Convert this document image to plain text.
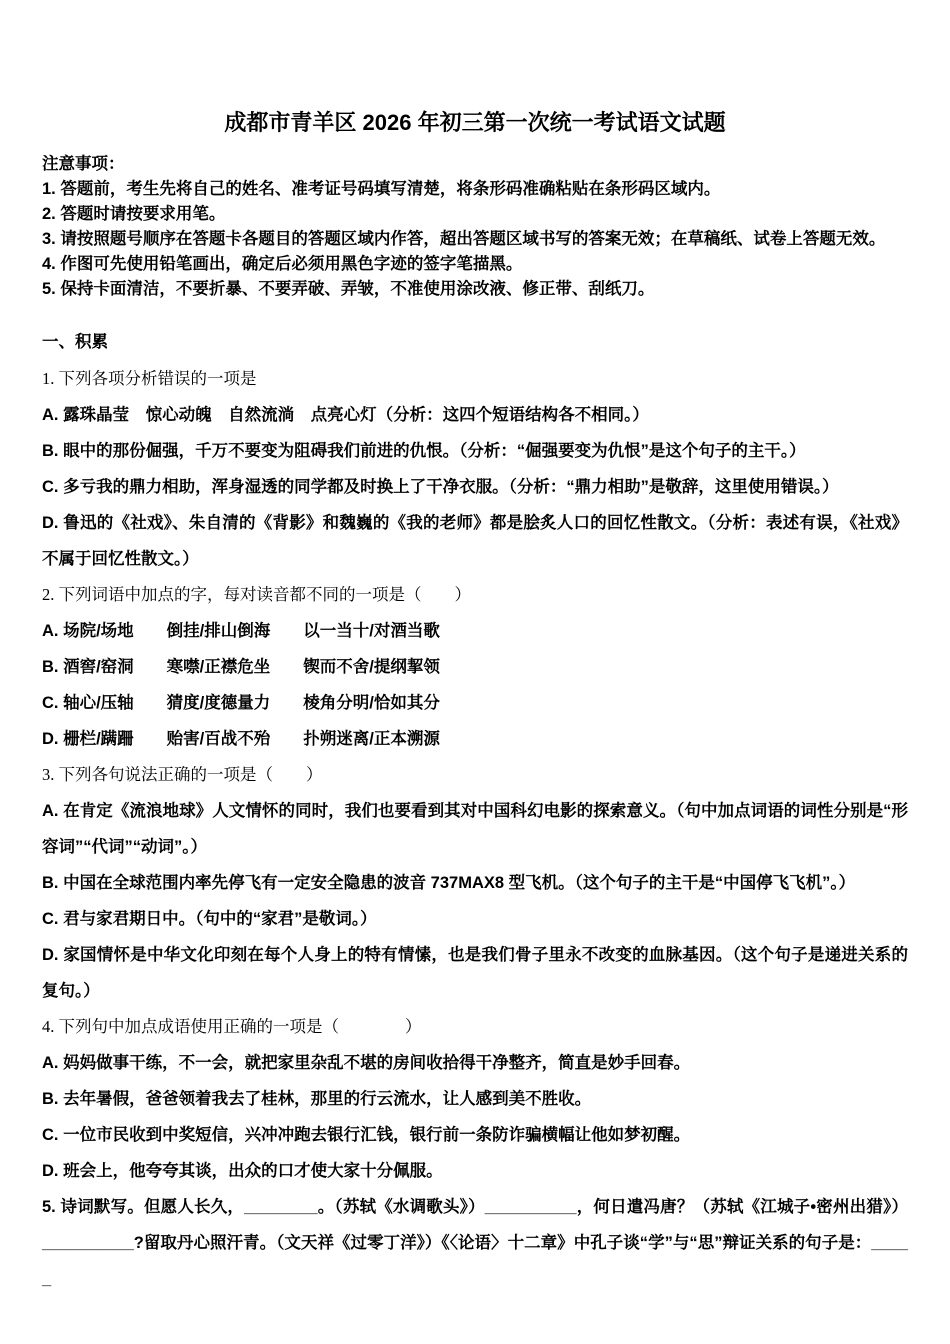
成都市青羊区 2026 年初三第一次统一考试语文试题

注意事项：

1. 答题前，考生先将自己的姓名、准考证号码填写清楚，将条形码准确粘贴在条形码区域内。

2. 答题时请按要求用笔。

3. 请按照题号顺序在答题卡各题目的答题区域内作答，超出答题区域书写的答案无效；在草稿纸、试卷上答题无效。

4. 作图可先使用铅笔画出，确定后必须用黑色字迹的签字笔描黑。

5. 保持卡面清洁，不要折暴、不要弄破、弄皱，不准使用涂改液、修正带、刮纸刀。

一、积累

1. 下列各项分析错误的一项是

A. 露珠晶莹　惊心动魄　自然流淌　点亮心灯（分析：这四个短语结构各不相同。）

B. 眼中的那份倔强，千万不要变为阻碍我们前进的仇恨。（分析：“倔强要变为仇恨”是这个句子的主干。）

C. 多亏我的鼎力相助，浑身湿透的同学都及时换上了干净衣服。（分析：“鼎力相助”是敬辞，这里使用错误。）

D. 鲁迅的《社戏》、朱自清的《背影》和魏巍的《我的老师》都是脍炙人口的回忆性散文。（分析：表述有误，《社戏》不属于回忆性散文。）

2. 下列词语中加点的字，每对读音都不同的一项是（　　）

A. 场院/场地　　倒挂/排山倒海　　以一当十/对酒当歌

B. 酒窖/窑洞　　寒噤/正襟危坐　　锲而不舍/提纲挈领

C. 轴心/压轴　　猜度/度德量力　　棱角分明/恰如其分

D. 栅栏/蹒跚　　贻害/百战不殆　　扑朔迷离/正本溯源

3. 下列各句说法正确的一项是（　　）

A. 在肯定《流浪地球》人文情怀的同时，我们也要看到其对中国科幻电影的探索意义。（句中加点词语的词性分别是“形容词”“代词”“动词”。）

B. 中国在全球范围内率先停飞有一定安全隐患的波音 737MAX8 型飞机。（这个句子的主干是“中国停飞飞机”。）

C. 君与家君期日中。（句中的“家君”是敬词。）

D. 家国情怀是中华文化印刻在每个人身上的特有情愫，也是我们骨子里永不改变的血脉基因。（这个句子是递进关系的复句。）

4. 下列句中加点成语使用正确的一项是（　　　　）

A. 妈妈做事干练，不一会，就把家里杂乱不堪的房间收拾得干净整齐，简直是妙手回春。

B. 去年暑假，爸爸领着我去了桂林，那里的行云流水，让人感到美不胜收。

C. 一位市民收到中奖短信，兴冲冲跑去银行汇钱，银行前一条防诈骗横幅让他如梦初醒。

D. 班会上，他夸夸其谈，出众的口才使大家十分佩服。

5. 诗词默写。但愿人长久，________。（苏轼《水调歌头》）__________，何日遣冯唐？（苏轼《江城子•密州出猎》）__________?留取丹心照汗青。（文天祥《过零丁洋》）《〈论语〉十二章》中孔子谈“学”与“思”辩证关系的句子是：_____
